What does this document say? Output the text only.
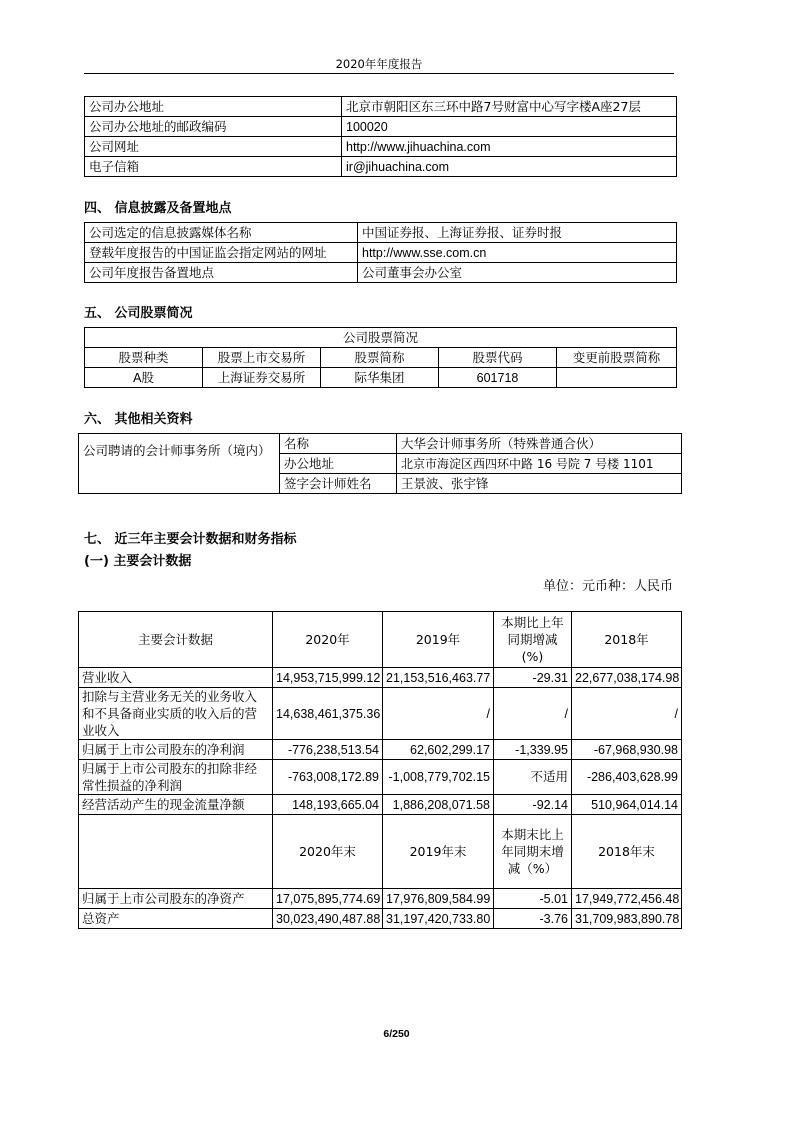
2020年年度报告
公司办公地址	北京市朝阳区东三环中路7号财富中心写字楼A座27层
公司办公地址的邮政编码	100020
公司网址	http://www.jihuachina.com
电子信箱	ir@jihuachina.com
四、 信息披露及备置地点
公司选定的信息披露媒体名称	中国证券报、上海证券报、证券时报
登载年度报告的中国证监会指定网站的网址	http://www.sse.com.cn
公司年度报告备置地点	公司董事会办公室
五、 公司股票简况
公司股票简况				
股票种类	股票上市交易所	股票简称	股票代码	变更前股票简称
A股	上海证券交易所	际华集团	601718	
六、 其他相关资料
公司聘请的会计师事务所（境内）	名称	大华会计师事务所（特殊普通合伙）
	办公地址	北京市海淀区西四环中路 16 号院 7 号楼 1101
	签字会计师姓名	王景波、张宇锋
七、 近三年主要会计数据和财务指标
(一) 主要会计数据
单位：元币种：人民币
主要会计数据	2020年	2019年	本期比上年同期增减(%)	2018年
营业收入	14,953,715,999.12	21,153,516,463.77	-29.31	22,677,038,174.98
扣除与主营业务无关的业务收入和不具备商业实质的收入后的营业收入	14,638,461,375.36	/	/	/
归属于上市公司股东的净利润	-776,238,513.54	62,602,299.17	-1,339.95	-67,968,930.98
归属于上市公司股东的扣除非经常性损益的净利润	-763,008,172.89	-1,008,779,702.15	不适用	-286,403,628.99
经营活动产生的现金流量净额	148,193,665.04	1,886,208,071.58	-92.14	510,964,014.14
	2020年末	2019年末	本期末比上年同期末增减（%）	2018年末
归属于上市公司股东的净资产	17,075,895,774.69	17,976,809,584.99	-5.01	17,949,772,456.48
总资产	30,023,490,487.88	31,197,420,733.80	-3.76	31,709,983,890.78
6/250
